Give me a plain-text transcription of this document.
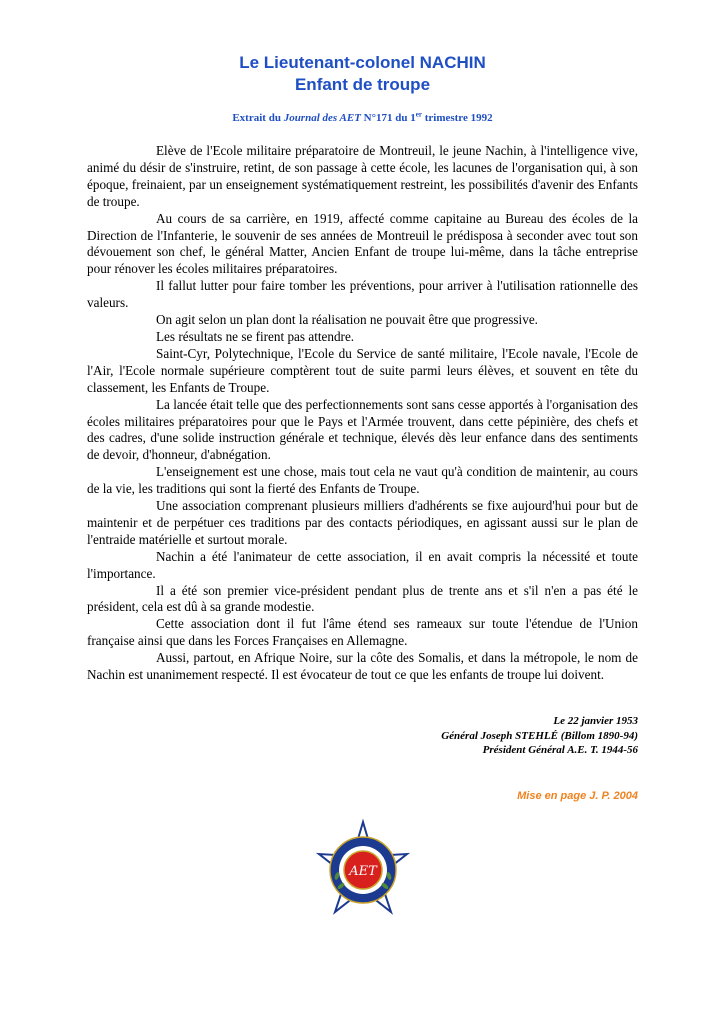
Le Lieutenant-colonel NACHIN
Enfant de troupe
Extrait du Journal des AET N°171 du 1er trimestre 1992

Elève de l'Ecole militaire préparatoire de Montreuil, le jeune Nachin, à l'intelligence vive, animé du désir de s'instruire, retint, de son passage à cette école, les lacunes de l'organisation qui, à son époque, freinaient, par un enseignement systématiquement restreint, les possibilités d'avenir des Enfants de troupe.

Au cours de sa carrière, en 1919, affecté comme capitaine au Bureau des écoles de la Direction de l'Infanterie, le souvenir de ses années de Montreuil le prédisposa à seconder avec tout son dévouement son chef, le général Matter, Ancien Enfant de troupe lui-même, dans la tâche entreprise pour rénover les écoles militaires préparatoires.

Il fallut lutter pour faire tomber les préventions, pour arriver à l'utilisation rationnelle des valeurs.

On agit selon un plan dont la réalisation ne pouvait être que progressive.

Les résultats ne se firent pas attendre.

Saint-Cyr, Polytechnique, l'Ecole du Service de santé militaire, l'Ecole navale, l'Ecole de l'Air, l'Ecole normale supérieure comptèrent tout de suite parmi leurs élèves, et souvent en tête du classement, les Enfants de Troupe.

La lancée était telle que des perfectionnements sont sans cesse apportés à l'organisation des écoles militaires préparatoires pour que le Pays et l'Armée trouvent, dans cette pépinière, des chefs et des cadres, d'une solide instruction générale et technique, élevés dès leur enfance dans des sentiments de devoir, d'honneur, d'abnégation.

L'enseignement est une chose, mais tout cela ne vaut qu'à condition de maintenir, au cours de la vie, les traditions qui sont la fierté des Enfants de Troupe.

Une association comprenant plusieurs milliers d'adhérents se fixe aujourd'hui pour but de maintenir et de perpétuer ces traditions par des contacts périodiques, en agissant aussi sur le plan de l'entraide matérielle et surtout morale.

Nachin a été l'animateur de cette association, il en avait compris la nécessité et toute l'importance.

Il a été son premier vice-président pendant plus de trente ans et s'il n'en a pas été le président, cela est dû à sa grande modestie.

Cette association dont il fut l'âme étend ses rameaux sur toute l'étendue de l'Union française ainsi que dans les Forces Françaises en Allemagne.

Aussi, partout, en Afrique Noire, sur la côte des Somalis, et dans la métropole, le nom de Nachin est unanimement respecté. Il est évocateur de tout ce que les enfants de troupe lui doivent.

Le 22 janvier 1953
Général Joseph STEHLÉ (Billom 1890-94)
Président Général A.E. T. 1944-56
Mise en page J. P. 2004
AET
